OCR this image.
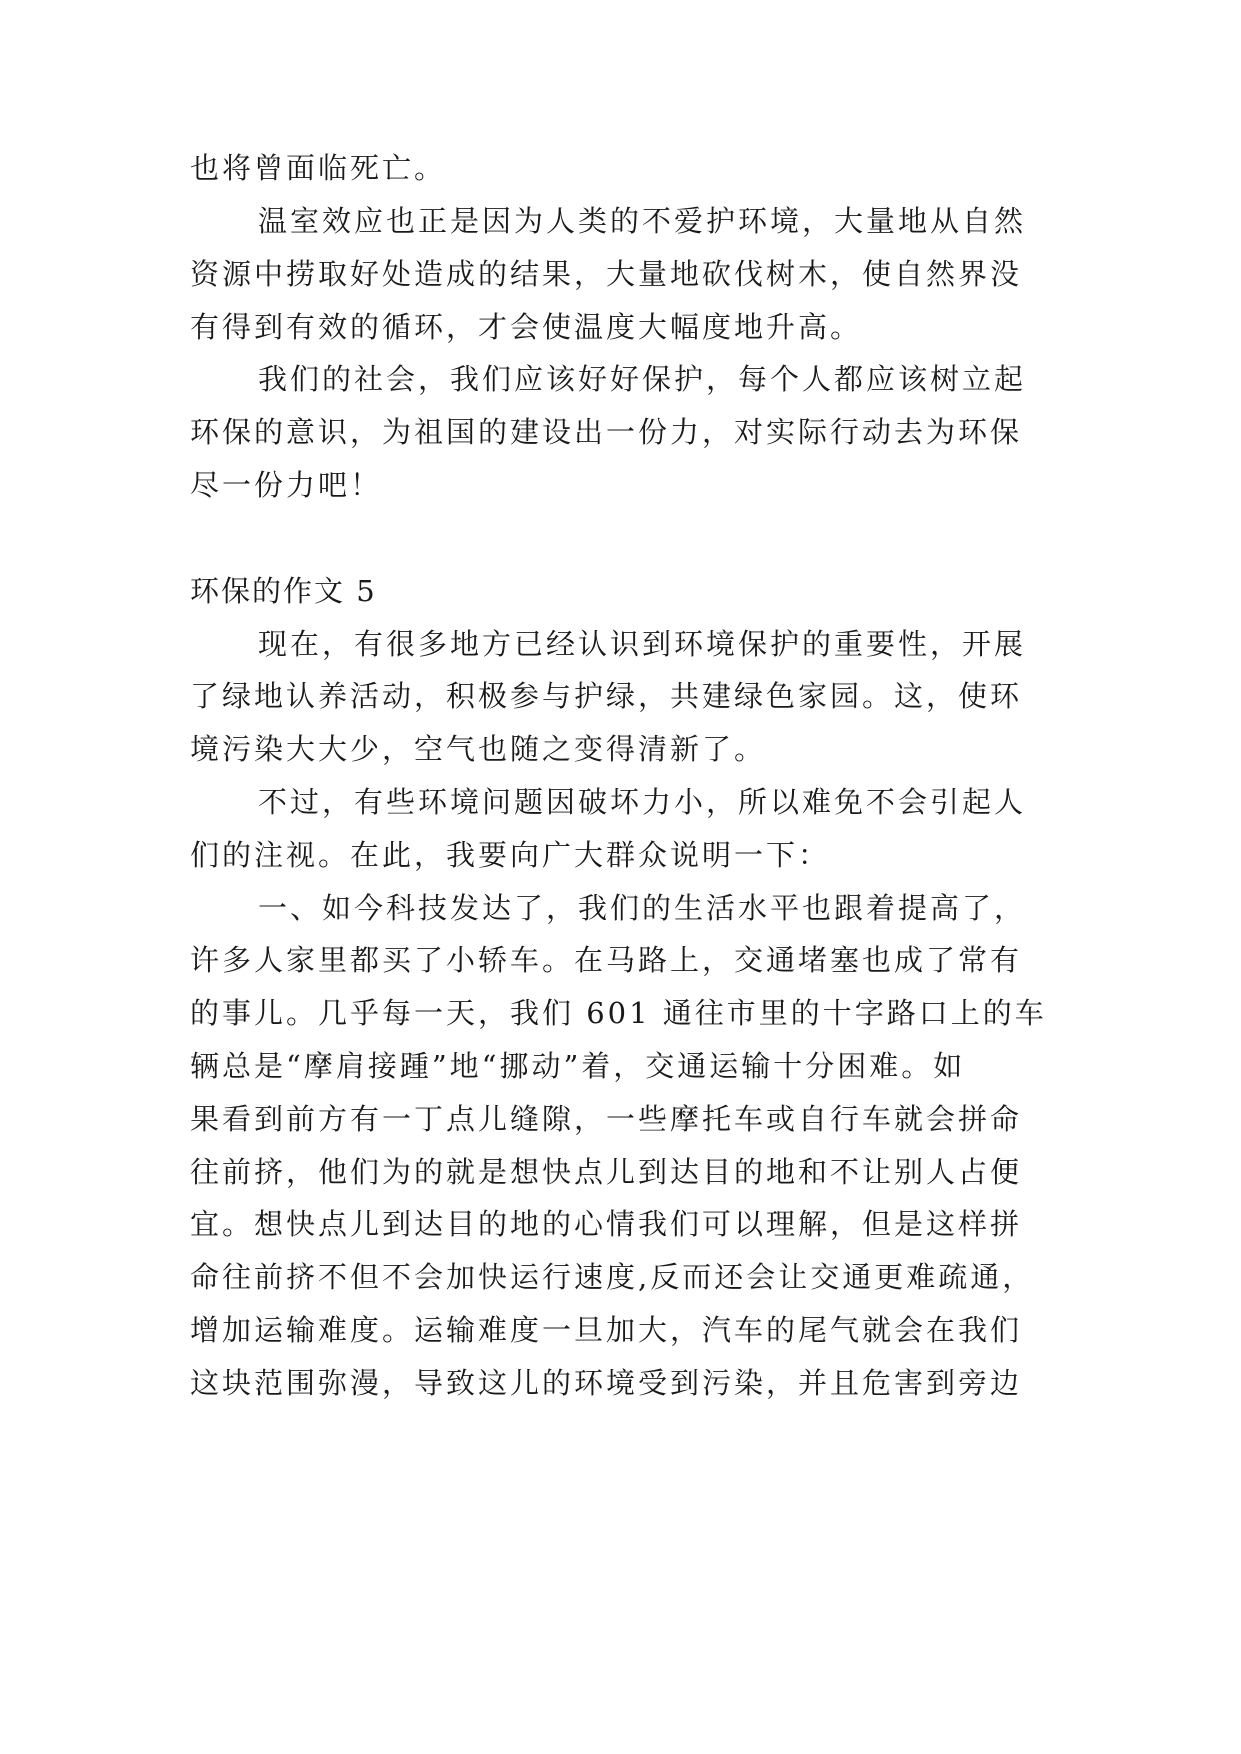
也将曾面临死亡。
温室效应也正是因为人类的不爱护环境，大量地从自然
资源中捞取好处造成的结果，大量地砍伐树木，使自然界没
有得到有效的循环，才会使温度大幅度地升高。
我们的社会，我们应该好好保护，每个人都应该树立起
环保的意识，为祖国的建设出一份力，对实际行动去为环保
尽一份力吧！
环保的作文 5
现在，有很多地方已经认识到环境保护的重要性，开展
了绿地认养活动，积极参与护绿，共建绿色家园。这，使环
境污染大大少，空气也随之变得清新了。
不过，有些环境问题因破坏力小，所以难免不会引起人
们的注视。在此，我要向广大群众说明一下：
一、如今科技发达了，我们的生活水平也跟着提高了，
许多人家里都买了小轿车。在马路上，交通堵塞也成了常有
的事儿。几乎每一天，我们 601 通往市里的十字路口上的车
辆总是“摩肩接踵”地“挪动”着，交通运输十分困难。如
果看到前方有一丁点儿缝隙，一些摩托车或自行车就会拼命
往前挤，他们为的就是想快点儿到达目的地和不让别人占便
宜。想快点儿到达目的地的心情我们可以理解，但是这样拼
命往前挤不但不会加快运行速度,反而还会让交通更难疏通，
增加运输难度。运输难度一旦加大，汽车的尾气就会在我们
这块范围弥漫，导致这儿的环境受到污染，并且危害到旁边
